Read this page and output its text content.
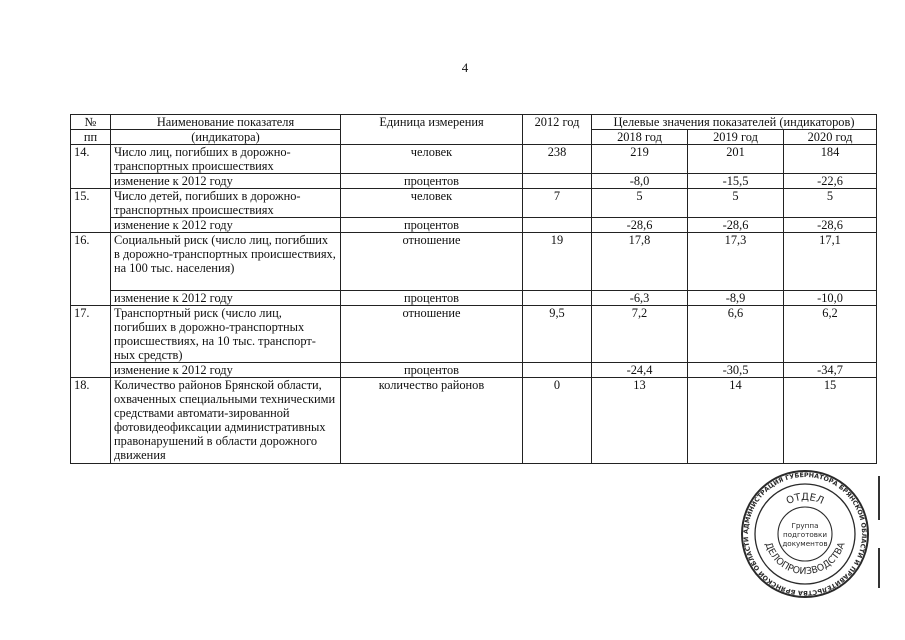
4
№	Наименование показателя	Единица измерения	2012 год	Целевые значения показателей (индикаторов)		
пп	(индикатора)			2018 год	2019 год	2020 год
14.	Число лиц, погибших в дорожно-транспортных происшествиях	человек	238	219	201	184
	изменение к 2012 году	процентов		-8,0	-15,5	-22,6
15.	Число детей, погибших в дорожно-транспортных происшествиях	человек	7	5	5	5
	изменение к 2012 году	процентов		-28,6	-28,6	-28,6
16.	Социальный риск (число лиц, погибших в дорожно-транспортных происшествиях, на 100 тыс. населения)	отношение	19	17,8	17,3	17,1
	изменение к 2012 году	процентов		-6,3	-8,9	-10,0
17.	Транспортный риск (число лиц, погибших в дорожно-транспортных происшествиях, на 10 тыс. транспорт-ных средств)	отношение	9,5	7,2	6,6	6,2
	изменение к 2012 году	процентов		-24,4	-30,5	-34,7
18.	Количество районов Брянской области, охваченных специальными техническими средствами автомати-зированной фотовидеофиксации административных правонарушений в области дорожного движения	количество районов	0	13	14	15
АДМИНИСТРАЦИЯ ГУБЕРНАТОРА БРЯНСКОЙ ОБЛАСТИ И ПРАВИТЕЛЬСТВА БРЯНСКОЙ ОБЛАСТИ
ОТДЕЛ
ДЕЛОПРОИЗВОДСТВА
Группа
подготовки
документов
